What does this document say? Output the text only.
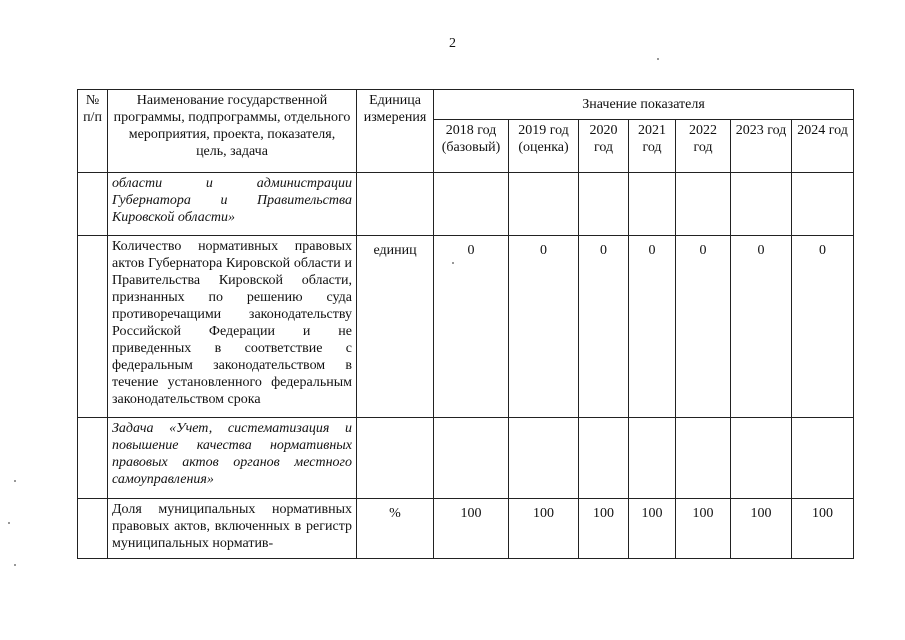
2
№ п/п	Наименование государственной программы, подпрограммы, отдельного мероприятия, проекта, показателя, цель, задача	Единица измерения	Значение показателя						
			2018 год (базовый)	2019 год (оценка)	2020 год	2021 год	2022 год	2023 год	2024 год
	области и администрации Губернатора и Правительства Кировской области»								
	Количество нормативных правовых актов Губернатора Кировской области и Правительства Кировской области, признанных по решению суда противоречащими законодательству Российской Федерации и не приведенных в соответствие с федеральным законодательством в течение установленного федеральным законодательством срока	единиц	0	0	0	0	0	0	0
	Задача «Учет, систематизация и повышение качества нормативных правовых актов органов местного самоуправления»								
	Доля муниципальных нормативных правовых актов, включенных в регистр муниципальных норматив-	%	100	100	100	100	100	100	100
